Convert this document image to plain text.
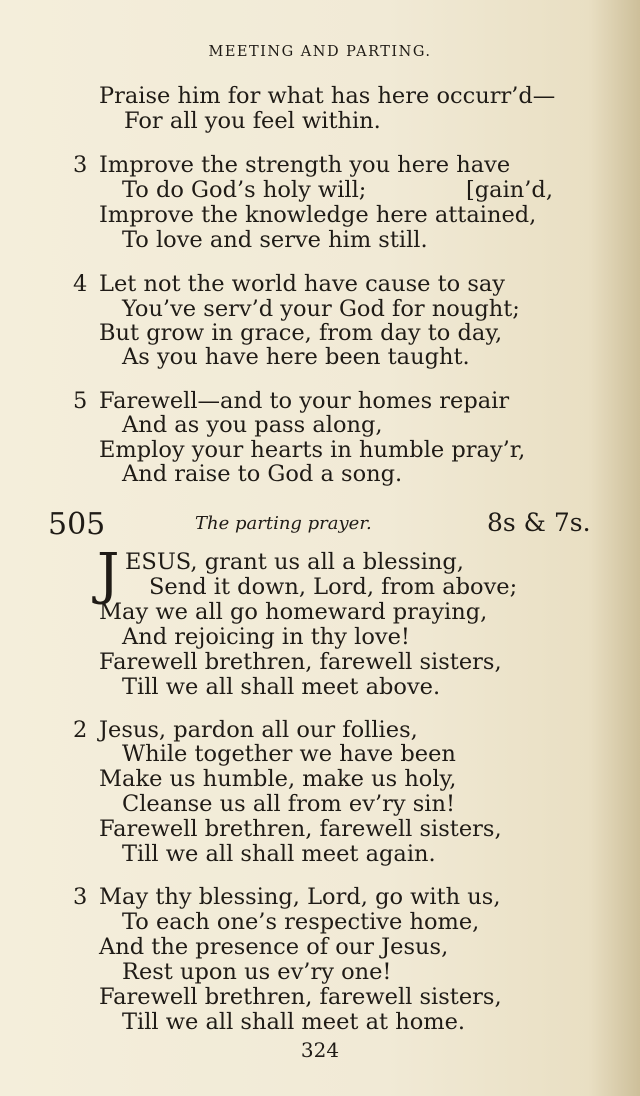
MEETING AND PARTING.
Praise him for what has here occurr’d—
For all you feel within.
3 Improve the strength you here have
To do God’s holy will;	[gain’d,
Improve the knowledge here attained,
To love and serve him still.
4 Let not the world have cause to say
You’ve serv’d your God for nought;
But grow in grace, from day to day,
As you have here been taught.
5 Farewell—and to your homes repair
And as you pass along,
Employ your hearts in humble pray’r,
And raise to God a song.
505	The parting prayer.	8s & 7s.
J ESUS, grant us all a blessing,
Send it down, Lord, from above;
May we all go homeward praying,
And rejoicing in thy love!
Farewell brethren, farewell sisters,
Till we all shall meet above.
2 Jesus, pardon all our follies,
While together we have been
Make us humble, make us holy,
Cleanse us all from ev’ry sin!
Farewell brethren, farewell sisters,
Till we all shall meet again.
3 May thy blessing, Lord, go with us,
To each one’s respective home,
And the presence of our Jesus,
Rest upon us ev’ry one!
Farewell brethren, farewell sisters,
Till we all shall meet at home.
324
